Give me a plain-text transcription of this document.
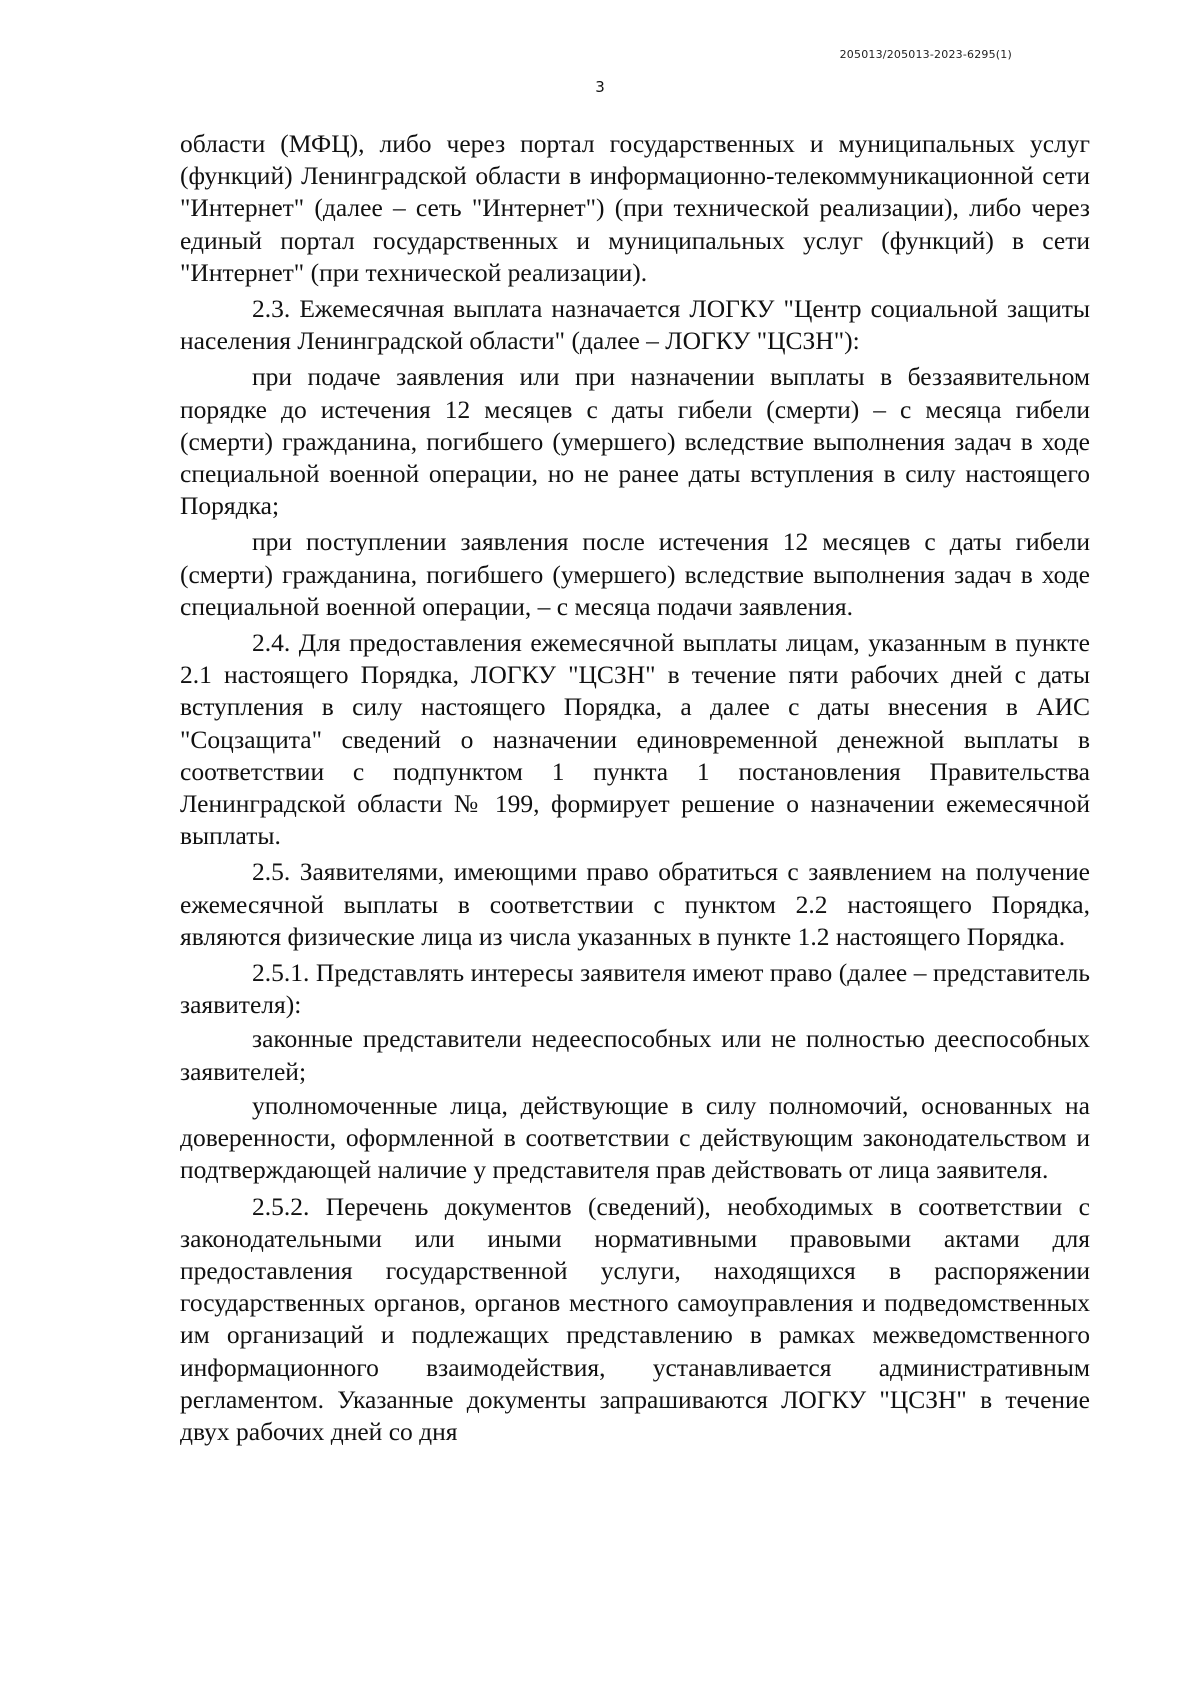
205013/205013-2023-6295(1)
3

области (МФЦ), либо через портал государственных и муниципальных услуг (функций) Ленинградской области в информационно-телекоммуникационной сети "Интернет" (далее – сеть "Интернет") (при технической реализации), либо через единый портал государственных и муниципальных услуг (функций) в сети "Интернет" (при технической реализации).

2.3. Ежемесячная выплата назначается ЛОГКУ "Центр социальной защиты населения Ленинградской области" (далее – ЛОГКУ "ЦСЗН"):

при подаче заявления или при назначении выплаты в беззаявительном порядке до истечения 12 месяцев с даты гибели (смерти) – с месяца гибели (смерти) гражданина, погибшего (умершего) вследствие выполнения задач в ходе специальной военной операции, но не ранее даты вступления в силу настоящего Порядка;

при поступлении заявления после истечения 12 месяцев с даты гибели (смерти) гражданина, погибшего (умершего) вследствие выполнения задач в ходе специальной военной операции, – с месяца подачи заявления.

2.4. Для предоставления ежемесячной выплаты лицам, указанным в пункте 2.1 настоящего Порядка, ЛОГКУ "ЦСЗН" в течение пяти рабочих дней с даты вступления в силу настоящего Порядка, а далее с даты внесения в АИС "Соцзащита" сведений о назначении единовременной денежной выплаты в соответствии с подпунктом 1 пункта 1 постановления Правительства Ленинградской области № 199, формирует решение о назначении ежемесячной выплаты.

2.5. Заявителями, имеющими право обратиться с заявлением на получение ежемесячной выплаты в соответствии с пунктом 2.2 настоящего Порядка, являются физические лица из числа указанных в пункте 1.2 настоящего Порядка.

2.5.1. Представлять интересы заявителя имеют право (далее – представитель заявителя):

законные представители недееспособных или не полностью дееспособных заявителей;

уполномоченные лица, действующие в силу полномочий, основанных на доверенности, оформленной в соответствии с действующим законодательством и подтверждающей наличие у представителя прав действовать от лица заявителя.

2.5.2. Перечень документов (сведений), необходимых в соответствии с законодательными или иными нормативными правовыми актами для предоставления государственной услуги, находящихся в распоряжении государственных органов, органов местного самоуправления и подведомственных им организаций и подлежащих представлению в рамках межведомственного информационного взаимодействия, устанавливается административным регламентом. Указанные документы запрашиваются ЛОГКУ "ЦСЗН" в течение двух рабочих дней со дня
